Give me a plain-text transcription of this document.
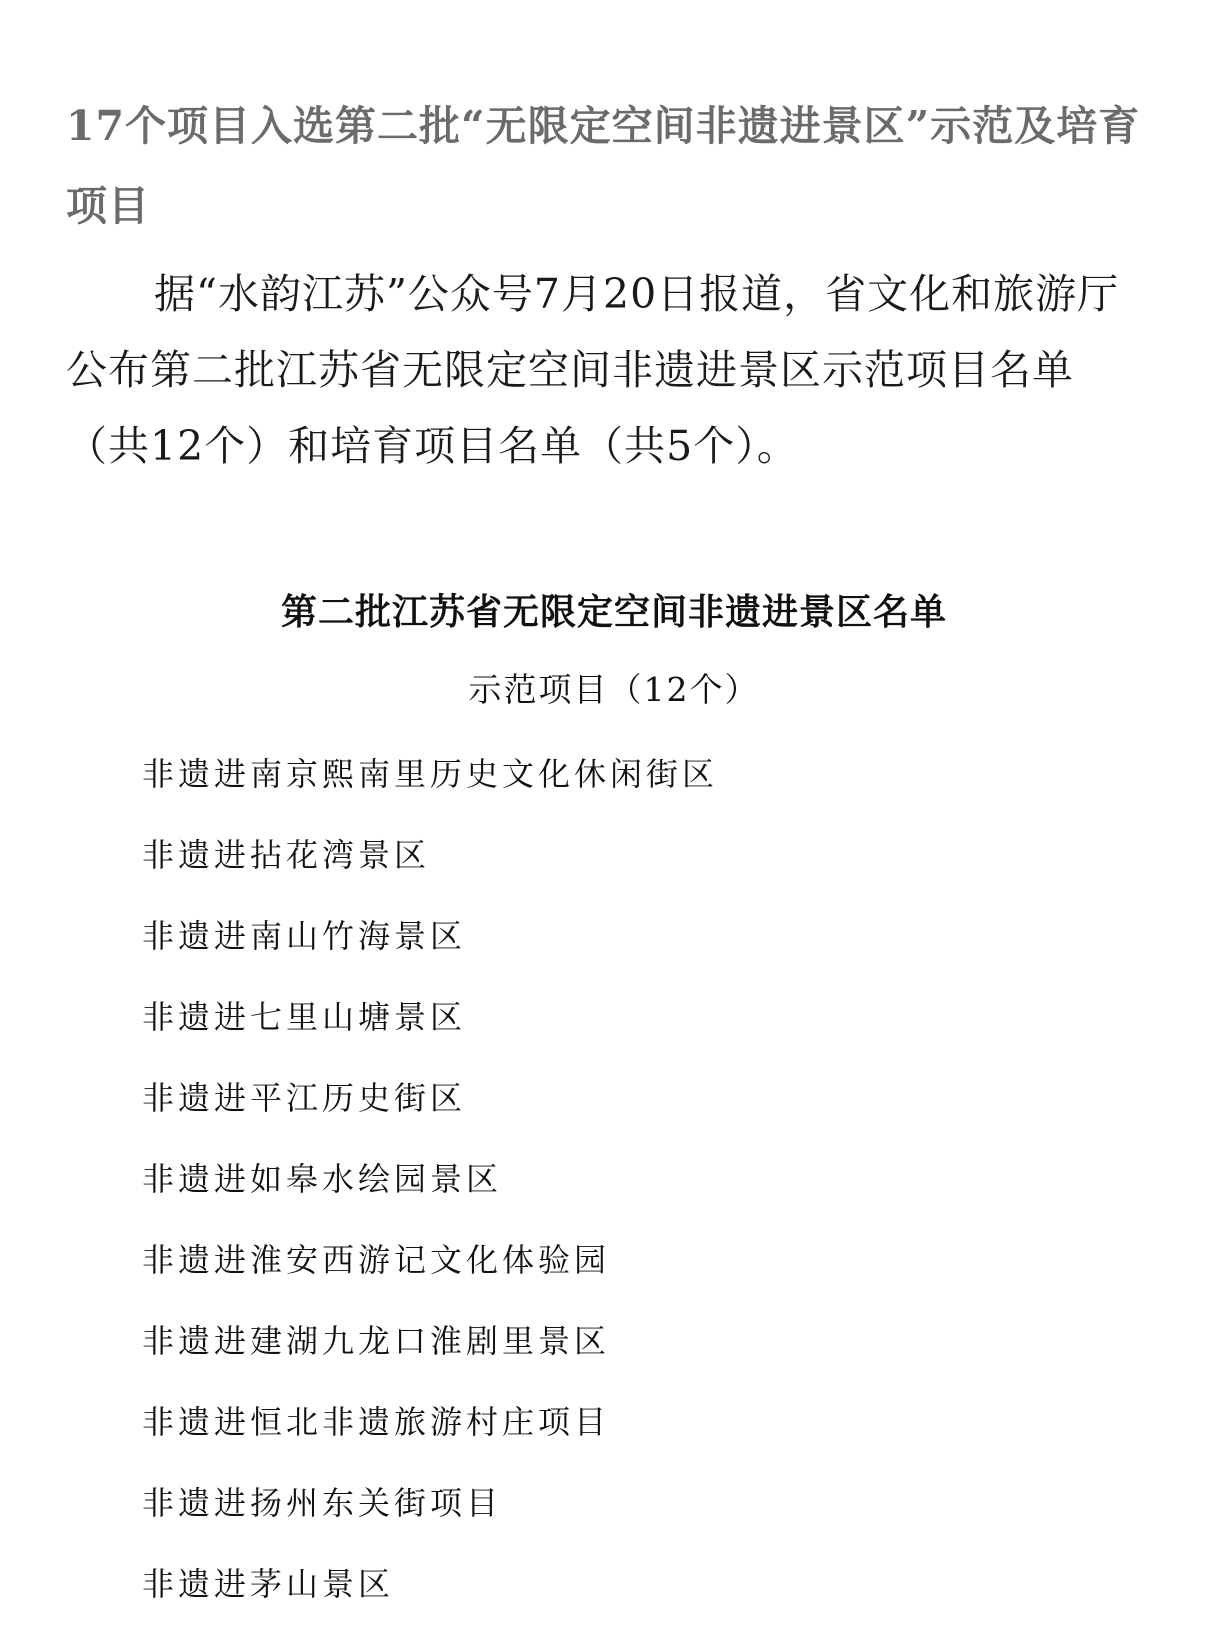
17个项目入选第二批“无限定空间非遗进景区”示范及培育项目

据“水韵江苏”公众号7月20日报道，省文化和旅游厅公布第二批江苏省无限定空间非遗进景区示范项目名单（共12个）和培育项目名单（共5个）。

第二批江苏省无限定空间非遗进景区名单
示范项目（12个）
非遗进南京熙南里历史文化休闲街区
非遗进拈花湾景区
非遗进南山竹海景区
非遗进七里山塘景区
非遗进平江历史街区
非遗进如皋水绘园景区
非遗进淮安西游记文化体验园
非遗进建湖九龙口淮剧里景区
非遗进恒北非遗旅游村庄项目
非遗进扬州东关街项目
非遗进茅山景区
